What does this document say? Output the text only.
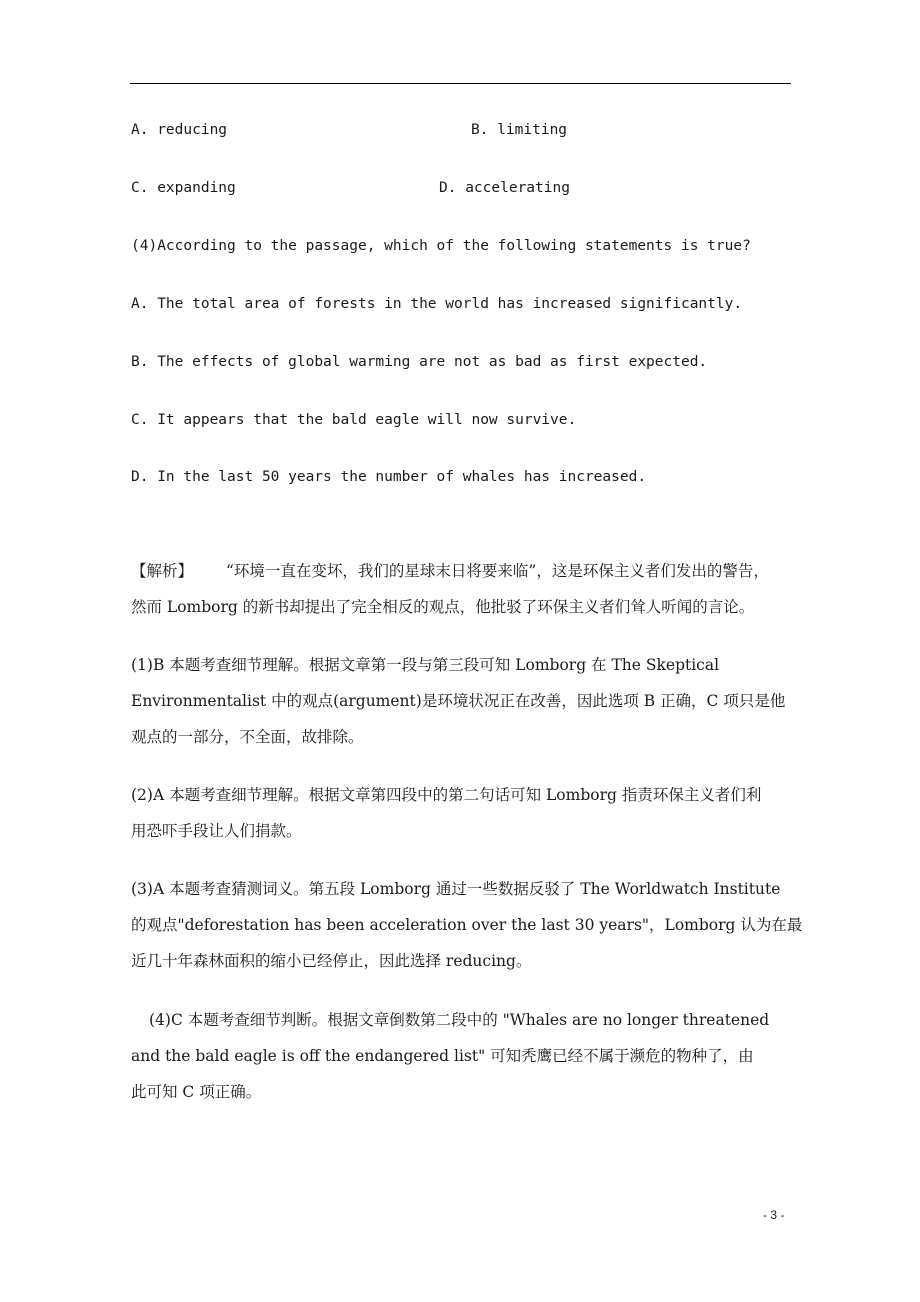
A. reducing	B. limiting
C. expanding	D. accelerating
(4)According to the passage, which of the following statements is true?
A. The total area of forests in the world has increased significantly.
B. The effects of global warming are not as bad as first expected.
C. It appears that the bald eagle will now survive.
D. In the last 50 years the number of whales has increased.
【解析】 “环境一直在变坏，我们的星球末日将要来临”，这是环保主义者们发出的警告，
然而 Lomborg 的新书却提出了完全相反的观点，他批驳了环保主义者们耸人听闻的言论。
(1)B 本题考查细节理解。根据文章第一段与第三段可知 Lomborg 在 The Skeptical
Environmentalist 中的观点(argument)是环境状况正在改善，因此选项 B 正确，C 项只是他
观点的一部分，不全面，故排除。
(2)A 本题考查细节理解。根据文章第四段中的第二句话可知 Lomborg 指责环保主义者们利
用恐吓手段让人们捐款。
(3)A 本题考查猜测词义。第五段 Lomborg 通过一些数据反驳了 The Worldwatch Institute
的观点"deforestation has been acceleration over the last 30 years"，Lomborg 认为在最
近几十年森林面积的缩小已经停止，因此选择 reducing。
(4)C 本题考查细节判断。根据文章倒数第二段中的 "Whales are no longer threatened
and the bald eagle is off the endangered list" 可知秃鹰已经不属于濒危的物种了，由
此可知 C 项正确。
- 3 -
